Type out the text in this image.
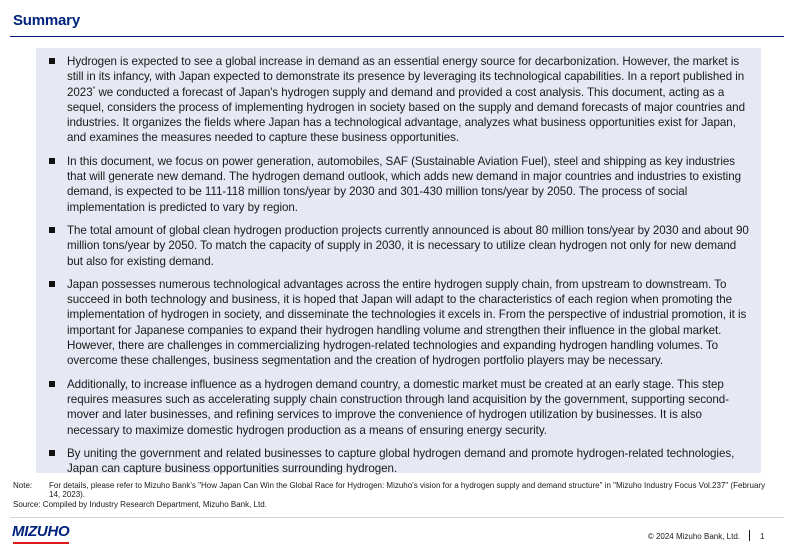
Summary
Hydrogen is expected to see a global increase in demand as an essential energy source for decarbonization. However, the market is still in its infancy, with Japan expected to demonstrate its presence by leveraging its technological capabilities. In a report published in 2023* we conducted a forecast of Japan's hydrogen supply and demand and provided a cost analysis. This document, acting as a sequel, considers the process of implementing hydrogen in society based on the supply and demand forecasts of major countries and industries. It organizes the fields where Japan has a technological advantage, analyzes what business opportunities exist for Japan, and examines the measures needed to capture these business opportunities.
In this document, we focus on power generation, automobiles, SAF (Sustainable Aviation Fuel), steel and shipping as key industries that will generate new demand. The hydrogen demand outlook, which adds new demand in major countries and industries to existing demand, is expected to be 111-118 million tons/year by 2030 and 301-430 million tons/year by 2050. The process of social implementation is predicted to vary by region.
The total amount of global clean hydrogen production projects currently announced is about 80 million tons/year by 2030 and about 90 million tons/year by 2050. To match the capacity of supply in 2030, it is necessary to utilize clean hydrogen not only for new demand but also for existing demand.
Japan possesses numerous technological advantages across the entire hydrogen supply chain, from upstream to downstream. To succeed in both technology and business, it is hoped that Japan will adapt to the characteristics of each region when promoting the implementation of hydrogen in society, and disseminate the technologies it excels in. From the perspective of industrial promotion, it is important for Japanese companies to expand their hydrogen handling volume and strengthen their influence in the global market. However, there are challenges in commercializing hydrogen-related technologies and expanding hydrogen handling volumes. To overcome these challenges, business segmentation and the creation of hydrogen portfolio players may be necessary.
Additionally, to increase influence as a hydrogen demand country, a domestic market must be created at an early stage. This step requires measures such as accelerating supply chain construction through land acquisition by the government, supporting second-mover and later businesses, and refining services to improve the convenience of hydrogen utilization by businesses. It is also necessary to maximize domestic hydrogen production as a means of ensuring energy security.
By uniting the government and related businesses to capture global hydrogen demand and promote hydrogen-related technologies, Japan can capture business opportunities surrounding hydrogen.
Note:	For details, please refer to Mizuho Bank's "How Japan Can Win the Global Race for Hydrogen: Mizuho's vision for a hydrogen supply and demand structure" in "Mizuho Industry Focus Vol.237" (February 14, 2023).
Source: Compiled by Industry Research Department, Mizuho Bank, Ltd.
MIZUHO	© 2024 Mizuho Bank, Ltd.	1
